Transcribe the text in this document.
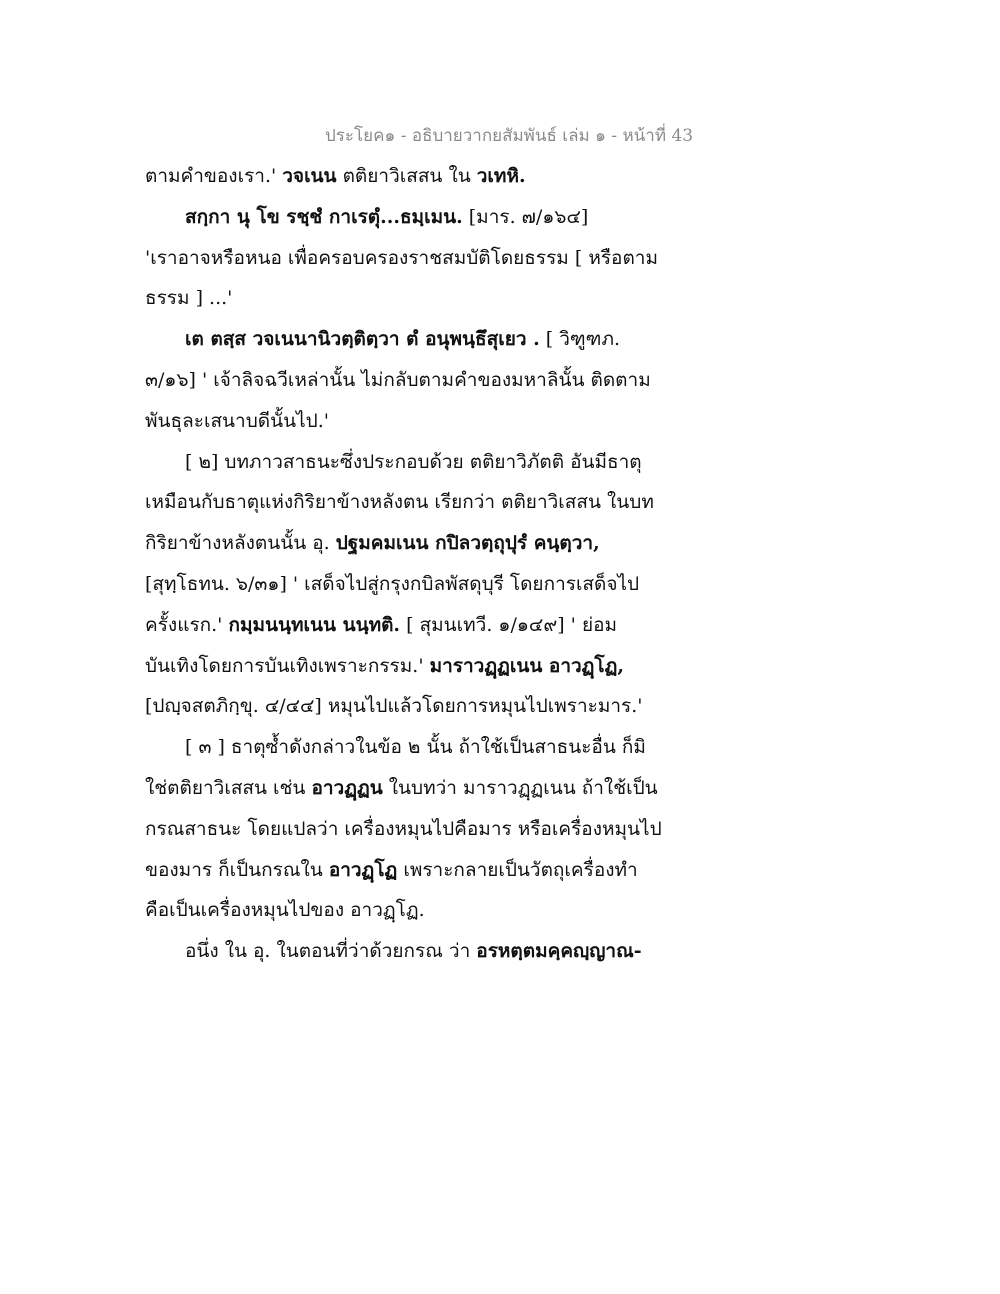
ประโยค๑ - อธิบายวากยสัมพันธ์ เล่ม ๑ - หน้าที่ 43
ตามคำของเรา.' วจเนน ตติยาวิเสสน ใน วเทหิ.
สกฺกา นุ โข รชฺชํ กาเรตุํ...ธมฺเมน. [มาร. ๗/๑๖๔]
'เราอาจหรือหนอ เพื่อครอบครองราชสมบัติโดยธรรม [ หรือตาม
ธรรม ] ...'
เต ตสฺส วจเนนานิวตฺติตฺวา ตํ อนุพนฺธึสุเยว . [ วิฑูฑภ.
๓/๑๖] ' เจ้าลิจฉวีเหล่านั้น ไม่กลับตามคำของมหาลินั้น ติดตาม
พันธุละเสนาบดีนั้นไป.'
[ ๒] บทภาวสาธนะซึ่งประกอบด้วย ตติยาวิภัตติ อันมีธาตุ
เหมือนกับธาตุแห่งกิริยาข้างหลังตน เรียกว่า ตติยาวิเสสน ในบท
กิริยาข้างหลังตนนั้น อุ. ปฐมคมเนน กปิลวตฺถุปุรํ คนฺตฺวา,
[สุทฺโธทน. ๖/๓๑] ' เสด็จไปสู่กรุงกบิลพัสดุบุรี โดยการเสด็จไป
ครั้งแรก.' กมฺมนนฺทเนน นนฺทติ. [ สุมนเทวี. ๑/๑๔๙] ' ย่อม
บันเทิงโดยการบันเทิงเพราะกรรม.' มาราวฏฺฏเนน อาวฏฺโฏ,
[ปญฺจสตภิกฺขุ. ๔/๔๔] หมุนไปแล้วโดยการหมุนไปเพราะมาร.'
[ ๓ ] ธาตุซ้ำดังกล่าวในข้อ ๒ นั้น ถ้าใช้เป็นสาธนะอื่น ก็มิ
ใช่ตติยาวิเสสน เช่น อาวฏฺฏน ในบทว่า มาราวฏฺฏเนน ถ้าใช้เป็น
กรณสาธนะ โดยแปลว่า เครื่องหมุนไปคือมาร หรือเครื่องหมุนไป
ของมาร ก็เป็นกรณใน อาวฏฺโฏ เพราะกลายเป็นวัตถุเครื่องทำ
คือเป็นเครื่องหมุนไปของ อาวฏฺโฏ.
อนึ่ง ใน อุ. ในตอนที่ว่าด้วยกรณ ว่า อรหตฺตมคฺคญฺญาณ-
